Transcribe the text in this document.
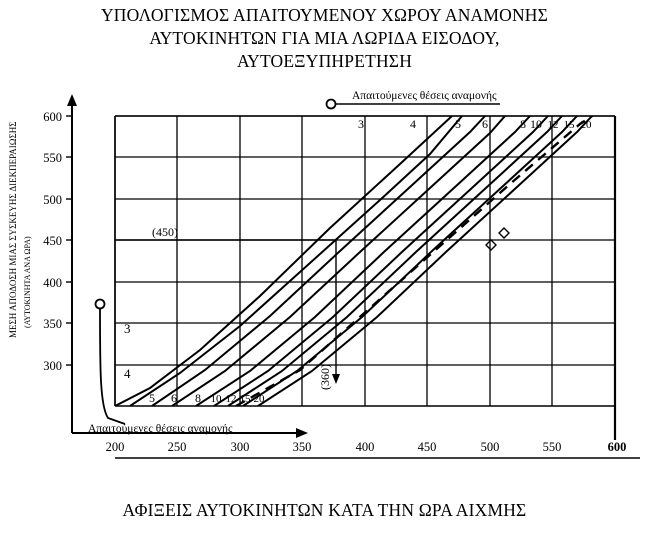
ΥΠΟΛΟΓΙΣΜΟΣ ΑΠΑΙΤΟΥΜΕΝΟΥ ΧΩΡΟΥ ΑΝΑΜΟΝΗΣ
ΑΥΤΟΚΙΝΗΤΩΝ ΓΙΑ ΜΙΑ ΛΩΡΙΔΑ ΕΙΣΟΔΟΥ,
ΑΥΤΟΕΞΥΠΗΡΕΤΗΣΗ
600
550
500
450
400
350
300
200	250	300	350	400	450	500	550	600
Απαιτούμενες θέσεις αναμονής
3	4	5 6	8 10 12 15 20
3
4
5 6 8 10 12 15 20
Απαιτούμενες θέσεις αναμονής
(450)
(360)
ΜΕΣΗ ΑΠΟΔΟΣΗ ΜΙΑΣ ΣΥΣΚΕΥΗΣ ΔΙΕΚΠΕΡΑΙΩΣΗΣ (ΑΥΤΟΚΙΝΗΤΑ ΑΝΑ ΩΡΑ)
ΑΦΙΞΕΙΣ ΑΥΤΟΚΙΝΗΤΩΝ ΚΑΤΑ ΤΗΝ ΩΡΑ ΑΙΧΜΗΣ
